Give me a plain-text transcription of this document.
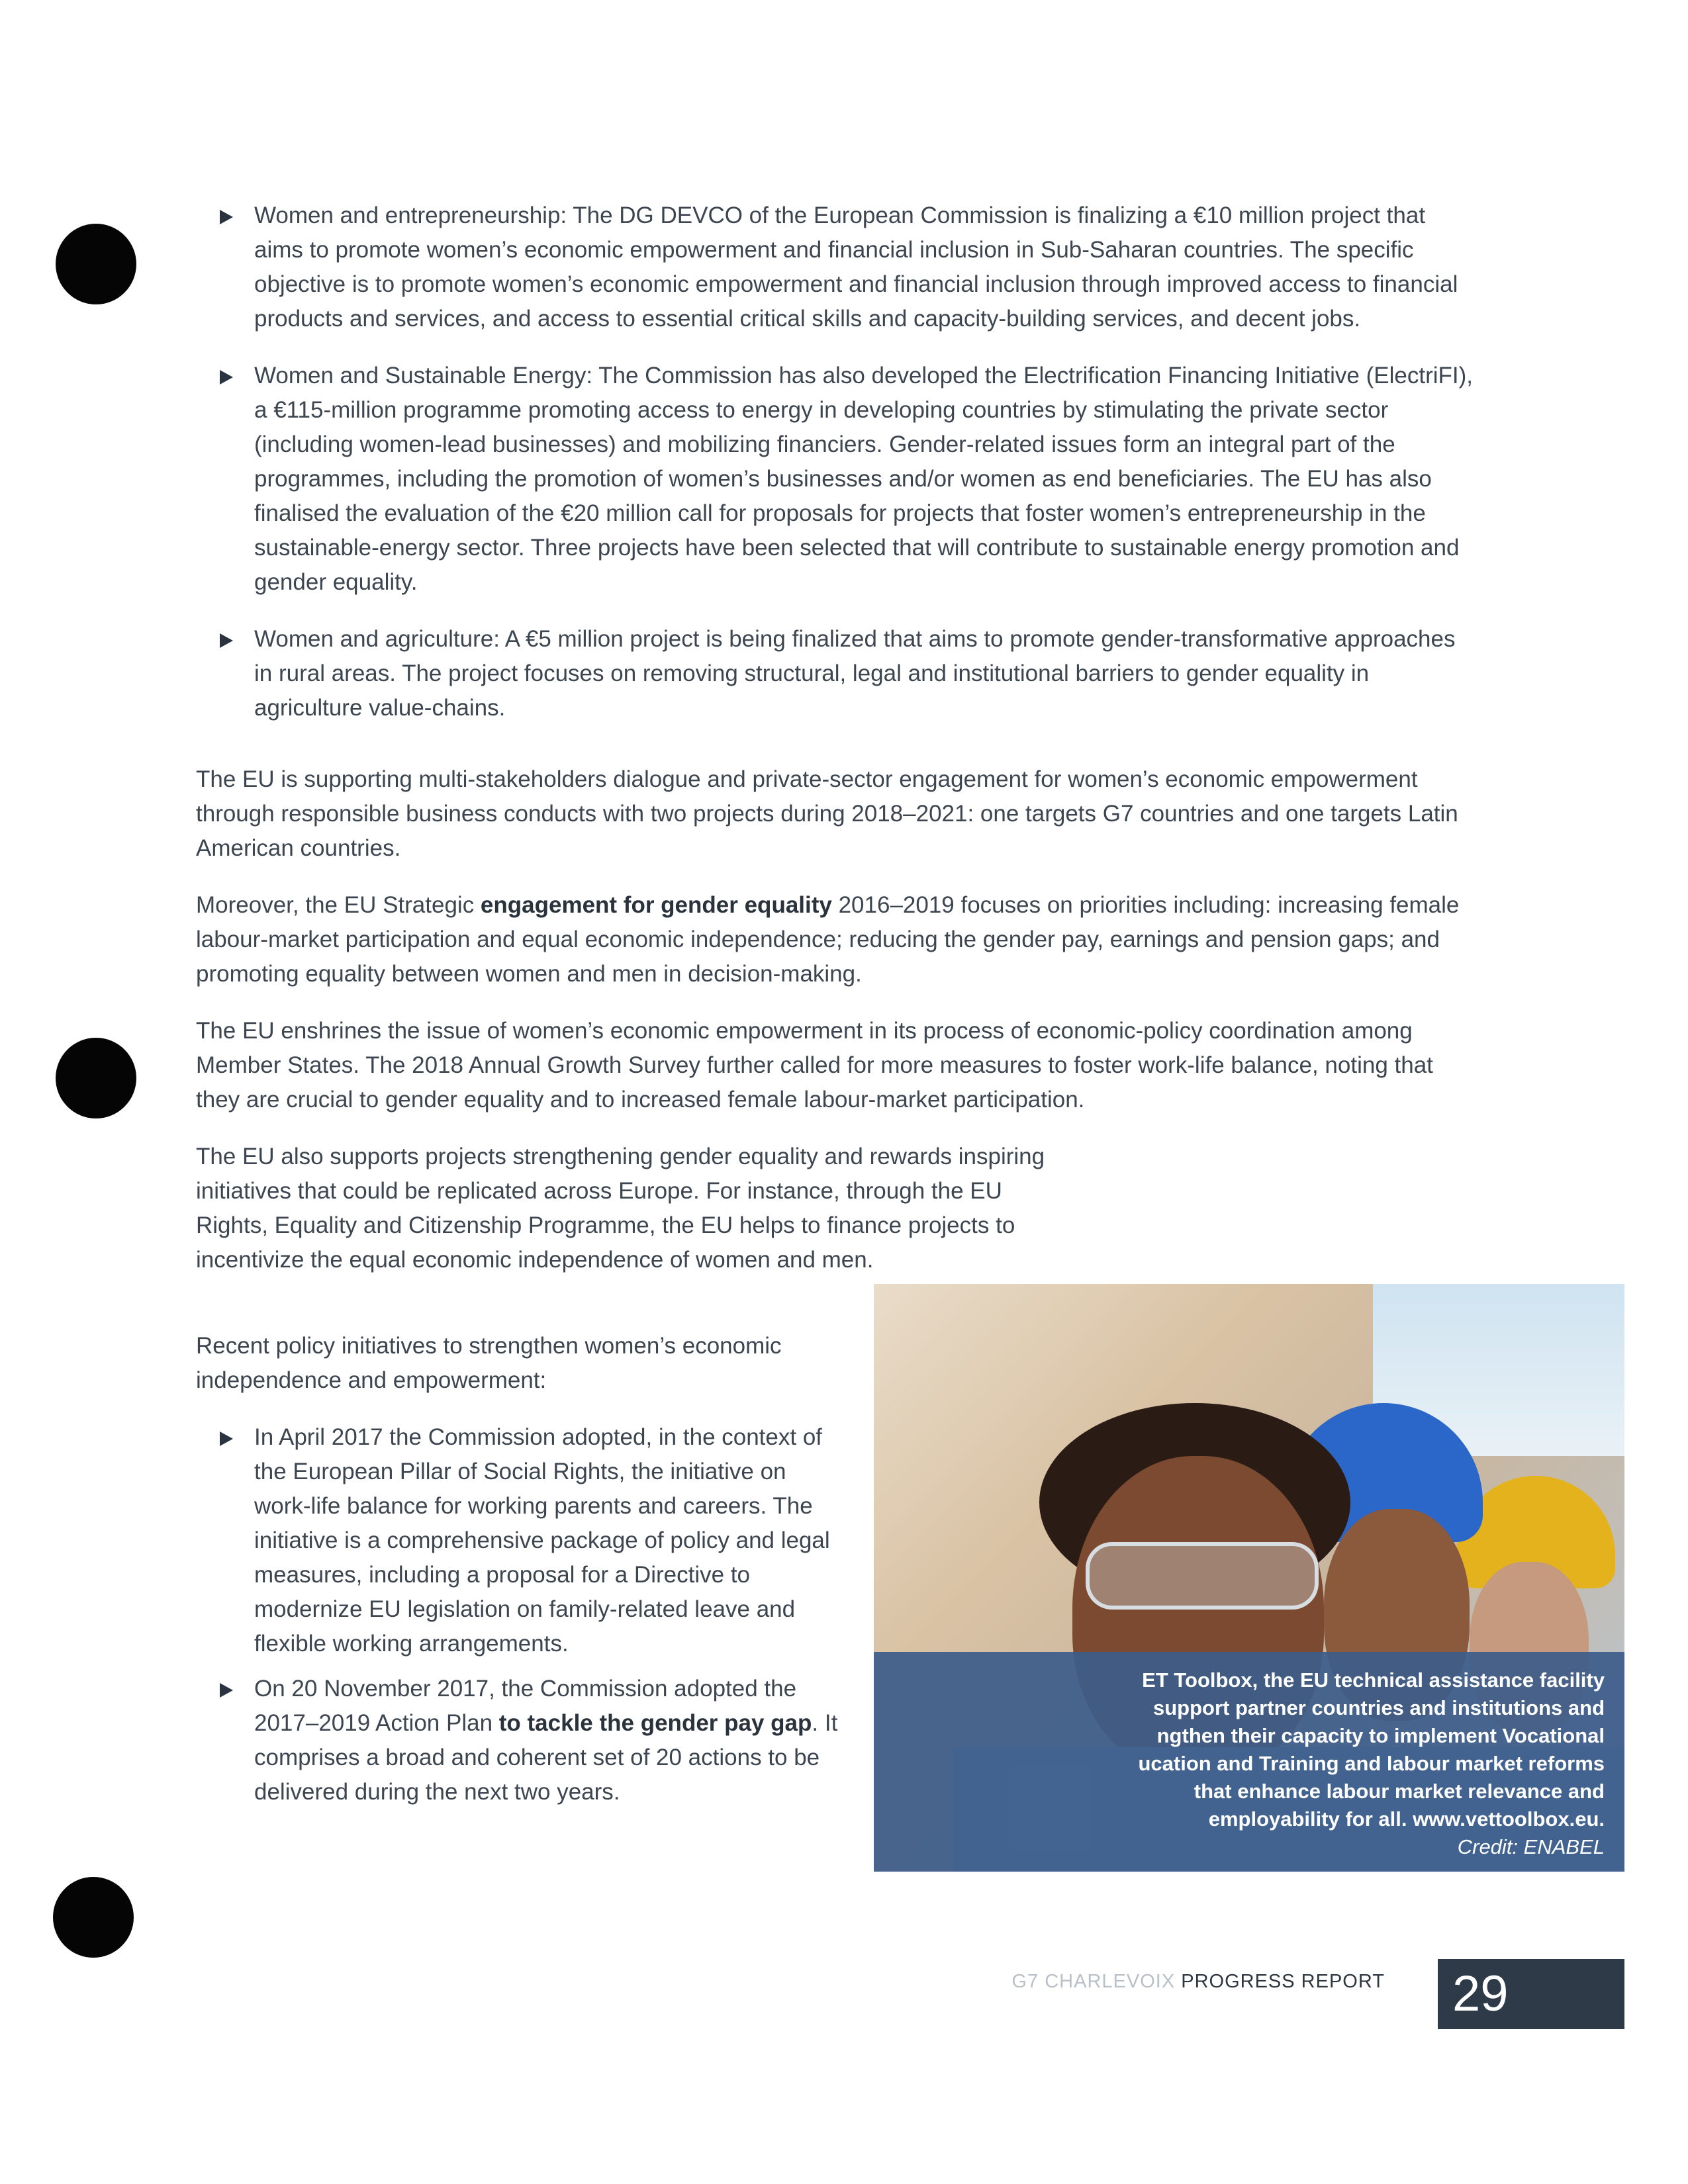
Women and entrepreneurship: The DG DEVCO of the European Commission is finalizing a €10 million project that aims to promote women’s economic empowerment and financial inclusion in Sub-Saharan countries. The specific objective is to promote women’s economic empowerment and financial inclusion through improved access to financial products and services, and access to essential critical skills and capacity-building services, and decent jobs.
Women and Sustainable Energy: The Commission has also developed the Electrification Financing Initiative (ElectriFI), a €115-million programme promoting access to energy in developing countries by stimulating the private sector (including women-lead businesses) and mobilizing financiers. Gender-related issues form an integral part of the programmes, including the promotion of women’s businesses and/or women as end beneficiaries. The EU has also finalised the evaluation of the €20 million call for proposals for projects that foster women’s entrepreneurship in the sustainable-energy sector. Three projects have been selected that will contribute to sustainable energy promotion and gender equality.
Women and agriculture: A €5 million project is being finalized that aims to promote gender-transformative approaches in rural areas. The project focuses on removing structural, legal and institutional barriers to gender equality in agriculture value-chains.

The EU is supporting multi-stakeholders dialogue and private-sector engagement for women’s economic empowerment through responsible business conducts with two projects during 2018–2021: one targets G7 countries and one targets Latin American countries.

Moreover, the EU Strategic engagement for gender equality 2016–2019 focuses on priorities including: increasing female labour-market participation and equal economic independence; reducing the gender pay, earnings and pension gaps; and promoting equality between women and men in decision-making.

The EU enshrines the issue of women’s economic empowerment in its process of economic-policy coordination among Member States. The 2018 Annual Growth Survey further called for more measures to foster work-life balance, noting that they are crucial to gender equality and to increased female labour-market participation.

The EU also supports projects strengthening gender equality and rewards inspiring initiatives that could be replicated across Europe. For instance, through the EU Rights, Equality and Citizenship Programme, the EU helps to finance projects to incentivize the equal economic independence of women and men.

Recent policy initiatives to strengthen women’s economic independence and empowerment:

In April 2017 the Commission adopted, in the context of the European Pillar of Social Rights, the initiative on work-life balance for working parents and careers. The initiative is a comprehensive package of policy and legal measures, including a proposal for a Directive to modernize EU legislation on family-related leave and flexible working arrangements.
On 20 November 2017, the Commission adopted the 2017–2019 Action Plan to tackle the gender pay gap. It comprises a broad and coherent set of 20 actions to be delivered during the next two years.
ET Toolbox, the EU technical assistance facility
support partner countries and institutions and
ngthen their capacity to implement Vocational
ucation and Training and labour market reforms
that enhance labour market relevance and
employability for all. www.vettoolbox.eu.
Credit: ENABEL
G7 CHARLEVOIX PROGRESS REPORT 29
